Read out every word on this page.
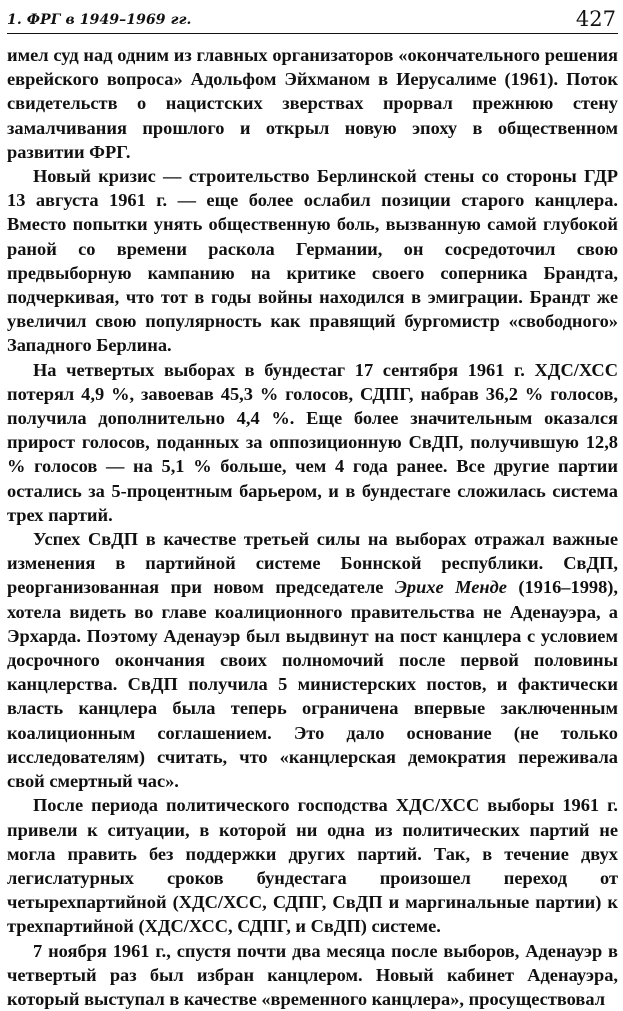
1. ФРГ в 1949–1969 гг.	427

имел суд над одним из главных организаторов «окончательного решения еврейского вопроса» Адольфом Эйхманом в Иерусалиме (1961). Поток свидетельств о нацистских зверствах прорвал прежнюю стену замалчивания прошлого и открыл новую эпоху в общественном развитии ФРГ.

Новый кризис — строительство Берлинской стены со стороны ГДР 13 августа 1961 г. — еще более ослабил позиции старого канцлера. Вместо попытки унять общественную боль, вызванную самой глубокой раной со времени раскола Германии, он сосредоточил свою предвыборную кампанию на критике своего соперника Брандта, подчеркивая, что тот в годы войны находился в эмиграции. Брандт же увеличил свою популярность как правящий бургомистр «свободного» Западного Берлина.

На четвертых выборах в бундестаг 17 сентября 1961 г. ХДС/ХСС потерял 4,9 %, завоевав 45,3 % голосов, СДПГ, набрав 36,2 % голосов, получила дополнительно 4,4 %. Еще более значительным оказался прирост голосов, поданных за оппозиционную СвДП, получившую 12,8 % голосов — на 5,1 % больше, чем 4 года ранее. Все другие партии остались за 5-процентным барьером, и в бундестаге сложилась система трех партий.

Успех СвДП в качестве третьей силы на выборах отражал важные изменения в партийной системе Боннской республики. СвДП, реорганизованная при новом председателе Эрихе Менде (1916–1998), хотела видеть во главе коалиционного правительства не Аденауэра, а Эрхарда. Поэтому Аденауэр был выдвинут на пост канцлера с условием досрочного окончания своих полномочий после первой половины канцлерства. СвДП получила 5 министерских постов, и фактически власть канцлера была теперь ограничена впервые заключенным коалиционным соглашением. Это дало основание (не только исследователям) считать, что «канцлерская демократия переживала свой смертный час».

После периода политического господства ХДС/ХСС выборы 1961 г. привели к ситуации, в которой ни одна из политических партий не могла править без поддержки других партий. Так, в течение двух легислатурных сроков бундестага произошел переход от четырехпартийной (ХДС/ХСС, СДПГ, СвДП и маргинальные партии) к трехпартийной (ХДС/ХСС, СДПГ, и СвДП) системе.

7 ноября 1961 г., спустя почти два месяца после выборов, Аденауэр в четвертый раз был избран канцлером. Новый кабинет Аденауэра, который выступал в качестве «временного канцлера», просуществовал
